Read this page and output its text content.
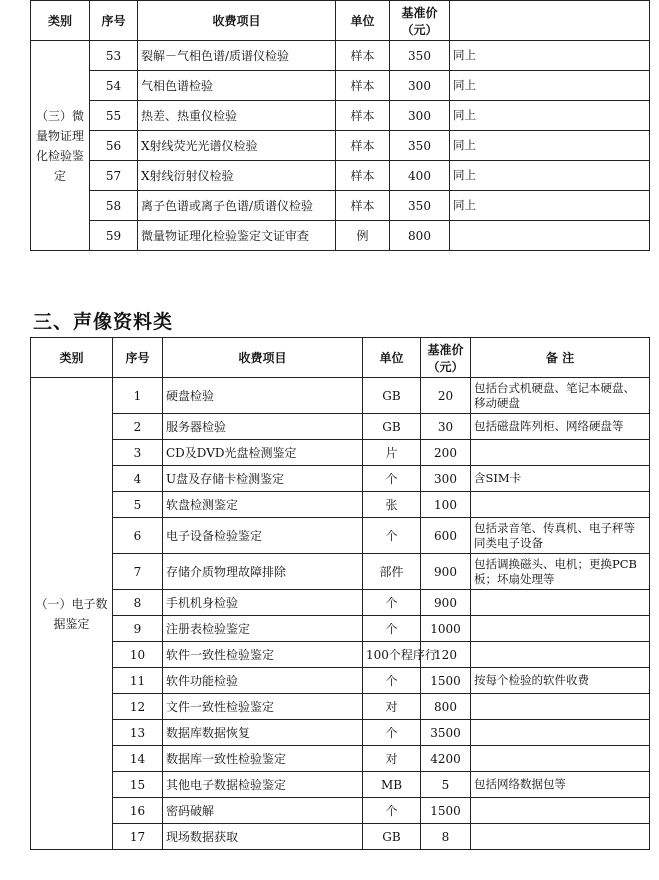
类别	序号	收费项目	单位	基准价
（元）	

（三）微量物证理化检验鉴定	53	裂解－气相色谱/质谱仪检验	样本	350	同上
	54	气相色谱检验	样本	300	同上
	55	热差、热重仪检验	样本	300	同上
	56	X射线荧光光谱仪检验	样本	350	同上
	57	X射线衍射仪检验	样本	400	同上
	58	离子色谱或离子色谱/质谱仪检验	样本	350	同上
	59	微量物证理化检验鉴定文证审查	例	800	
三、声像资料类
类别	序号	收费项目	单位	基准价
（元）	备 注
（一）电子数据鉴定	1	硬盘检验	GB	20	包括台式机硬盘、笔记本硬盘、移动硬盘
	2	服务器检验	GB	30	包括磁盘阵列柜、网络硬盘等
	3	CD及DVD光盘检测鉴定	片	200	
	4	U盘及存储卡检测鉴定	个	300	含SIM卡
	5	软盘检测鉴定	张	100	
	6	电子设备检验鉴定	个	600	包括录音笔、传真机、电子秤等同类电子设备
	7	存储介质物理故障排除	部件	900	包括调换磁头、电机；更换PCB板；坏扇处理等
	8	手机机身检验	个	900	
	9	注册表检验鉴定	个	1000	
	10	软件一致性检验鉴定	100个程序行	120	
	11	软件功能检验	个	1500	按每个检验的软件收费
	12	文件一致性检验鉴定	对	800	
	13	数据库数据恢复	个	3500	
	14	数据库一致性检验鉴定	对	4200	
	15	其他电子数据检验鉴定	MB	5	包括网络数据包等
	16	密码破解	个	1500	
	17	现场数据获取	GB	8	
